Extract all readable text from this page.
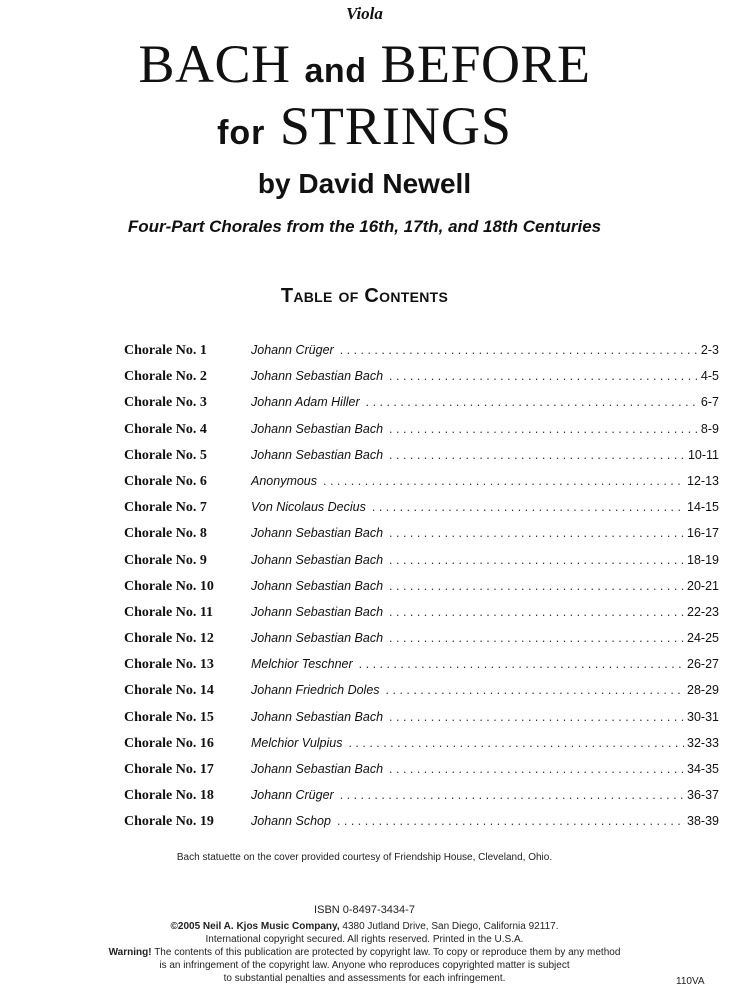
Viola
BACH and BEFORE
for STRINGS
by David Newell
Four-Part Chorales from the 16th, 17th, and 18th Centuries
Table of Contents
Chorale No. 1	Johann Crüger . . .	2-3
Chorale No. 2	Johann Sebastian Bach . . .	4-5
Chorale No. 3	Johann Adam Hiller . . .	6-7
Chorale No. 4	Johann Sebastian Bach . . .	8-9
Chorale No. 5	Johann Sebastian Bach . . .	10-11
Chorale No. 6	Anonymous . . .	12-13
Chorale No. 7	Von Nicolaus Decius . . .	14-15
Chorale No. 8	Johann Sebastian Bach . . .	16-17
Chorale No. 9	Johann Sebastian Bach . . .	18-19
Chorale No. 10	Johann Sebastian Bach . . .	20-21
Chorale No. 11	Johann Sebastian Bach . . .	22-23
Chorale No. 12	Johann Sebastian Bach . . .	24-25
Chorale No. 13	Melchior Teschner . . .	26-27
Chorale No. 14	Johann Friedrich Doles . . .	28-29
Chorale No. 15	Johann Sebastian Bach . . .	30-31
Chorale No. 16	Melchior Vulpius . . .	32-33
Chorale No. 17	Johann Sebastian Bach . . .	34-35
Chorale No. 18	Johann Crüger . . .	36-37
Chorale No. 19	Johann Schop . . .	38-39
Bach statuette on the cover provided courtesy of Friendship House, Cleveland, Ohio.
ISBN 0-8497-3434-7
©2005 Neil A. Kjos Music Company, 4380 Jutland Drive, San Diego, California 92117.
International copyright secured. All rights reserved. Printed in the U.S.A.
Warning! The contents of this publication are protected by copyright law. To copy or reproduce them by any method
is an infringement of the copyright law. Anyone who reproduces copyrighted matter is subject
to substantial penalties and assessments for each infringement.	110VA
